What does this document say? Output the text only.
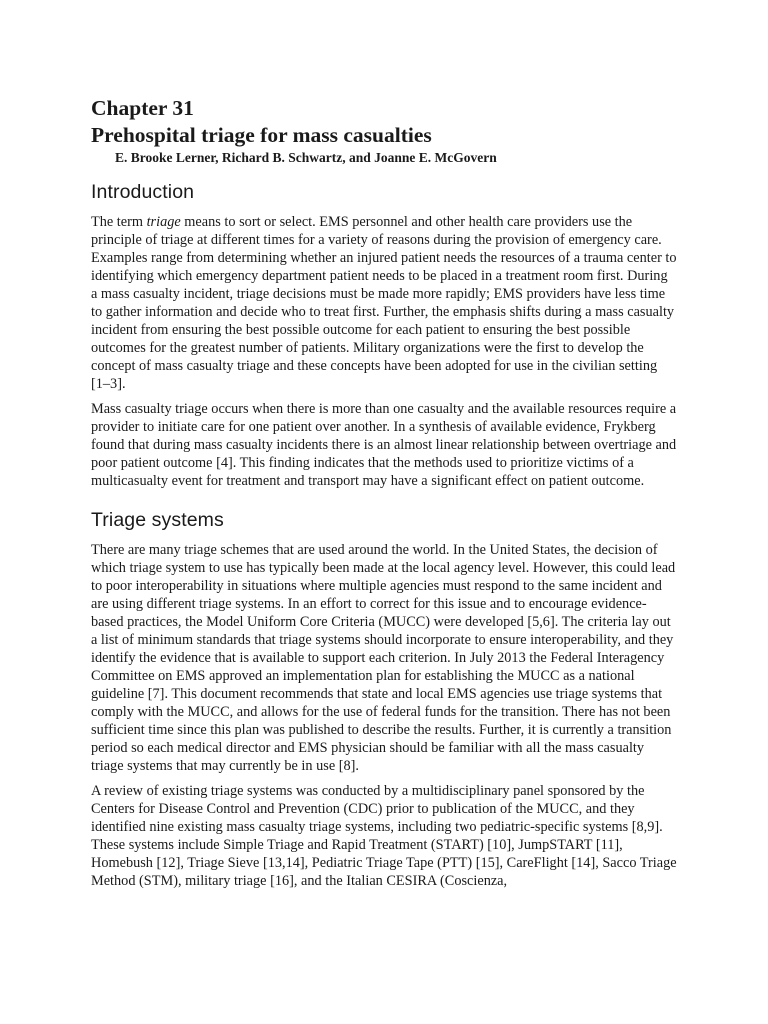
Chapter 31
Prehospital triage for mass casualties
E. Brooke Lerner, Richard B. Schwartz, and Joanne E. McGovern
Introduction

The term triage means to sort or select. EMS personnel and other health care providers use the principle of triage at different times for a variety of reasons during the provision of emergency care. Examples range from determining whether an injured patient needs the resources of a trauma center to identifying which emergency department patient needs to be placed in a treatment room first. During a mass casualty incident, triage decisions must be made more rapidly; EMS providers have less time to gather information and decide who to treat first. Further, the emphasis shifts during a mass casualty incident from ensuring the best possible outcome for each patient to ensuring the best possible outcomes for the greatest number of patients. Military organizations were the first to develop the concept of mass casualty triage and these concepts have been adopted for use in the civilian setting [1–3].

Mass casualty triage occurs when there is more than one casualty and the available resources require a provider to initiate care for one patient over another. In a synthesis of available evidence, Frykberg found that during mass casualty incidents there is an almost linear relationship between overtriage and poor patient outcome [4]. This finding indicates that the methods used to prioritize victims of a multicasualty event for treatment and transport may have a significant effect on patient outcome.

Triage systems

There are many triage schemes that are used around the world. In the United States, the decision of which triage system to use has typically been made at the local agency level. However, this could lead to poor interoperability in situations where multiple agencies must respond to the same incident and are using different triage systems. In an effort to correct for this issue and to encourage evidence-based practices, the Model Uniform Core Criteria (MUCC) were developed [5,6]. The criteria lay out a list of minimum standards that triage systems should incorporate to ensure interoperability, and they identify the evidence that is available to support each criterion. In July 2013 the Federal Interagency Committee on EMS approved an implementation plan for establishing the MUCC as a national guideline [7]. This document recommends that state and local EMS agencies use triage systems that comply with the MUCC, and allows for the use of federal funds for the transition. There has not been sufficient time since this plan was published to describe the results. Further, it is currently a transition period so each medical director and EMS physician should be familiar with all the mass casualty triage systems that may currently be in use [8].

A review of existing triage systems was conducted by a multidisciplinary panel sponsored by the Centers for Disease Control and Prevention (CDC) prior to publication of the MUCC, and they identified nine existing mass casualty triage systems, including two pediatric-specific systems [8,9]. These systems include Simple Triage and Rapid Treatment (START) [10], JumpSTART [11], Homebush [12], Triage Sieve [13,14], Pediatric Triage Tape (PTT) [15], CareFlight [14], Sacco Triage Method (STM), military triage [16], and the Italian CESIRA (Coscienza,
